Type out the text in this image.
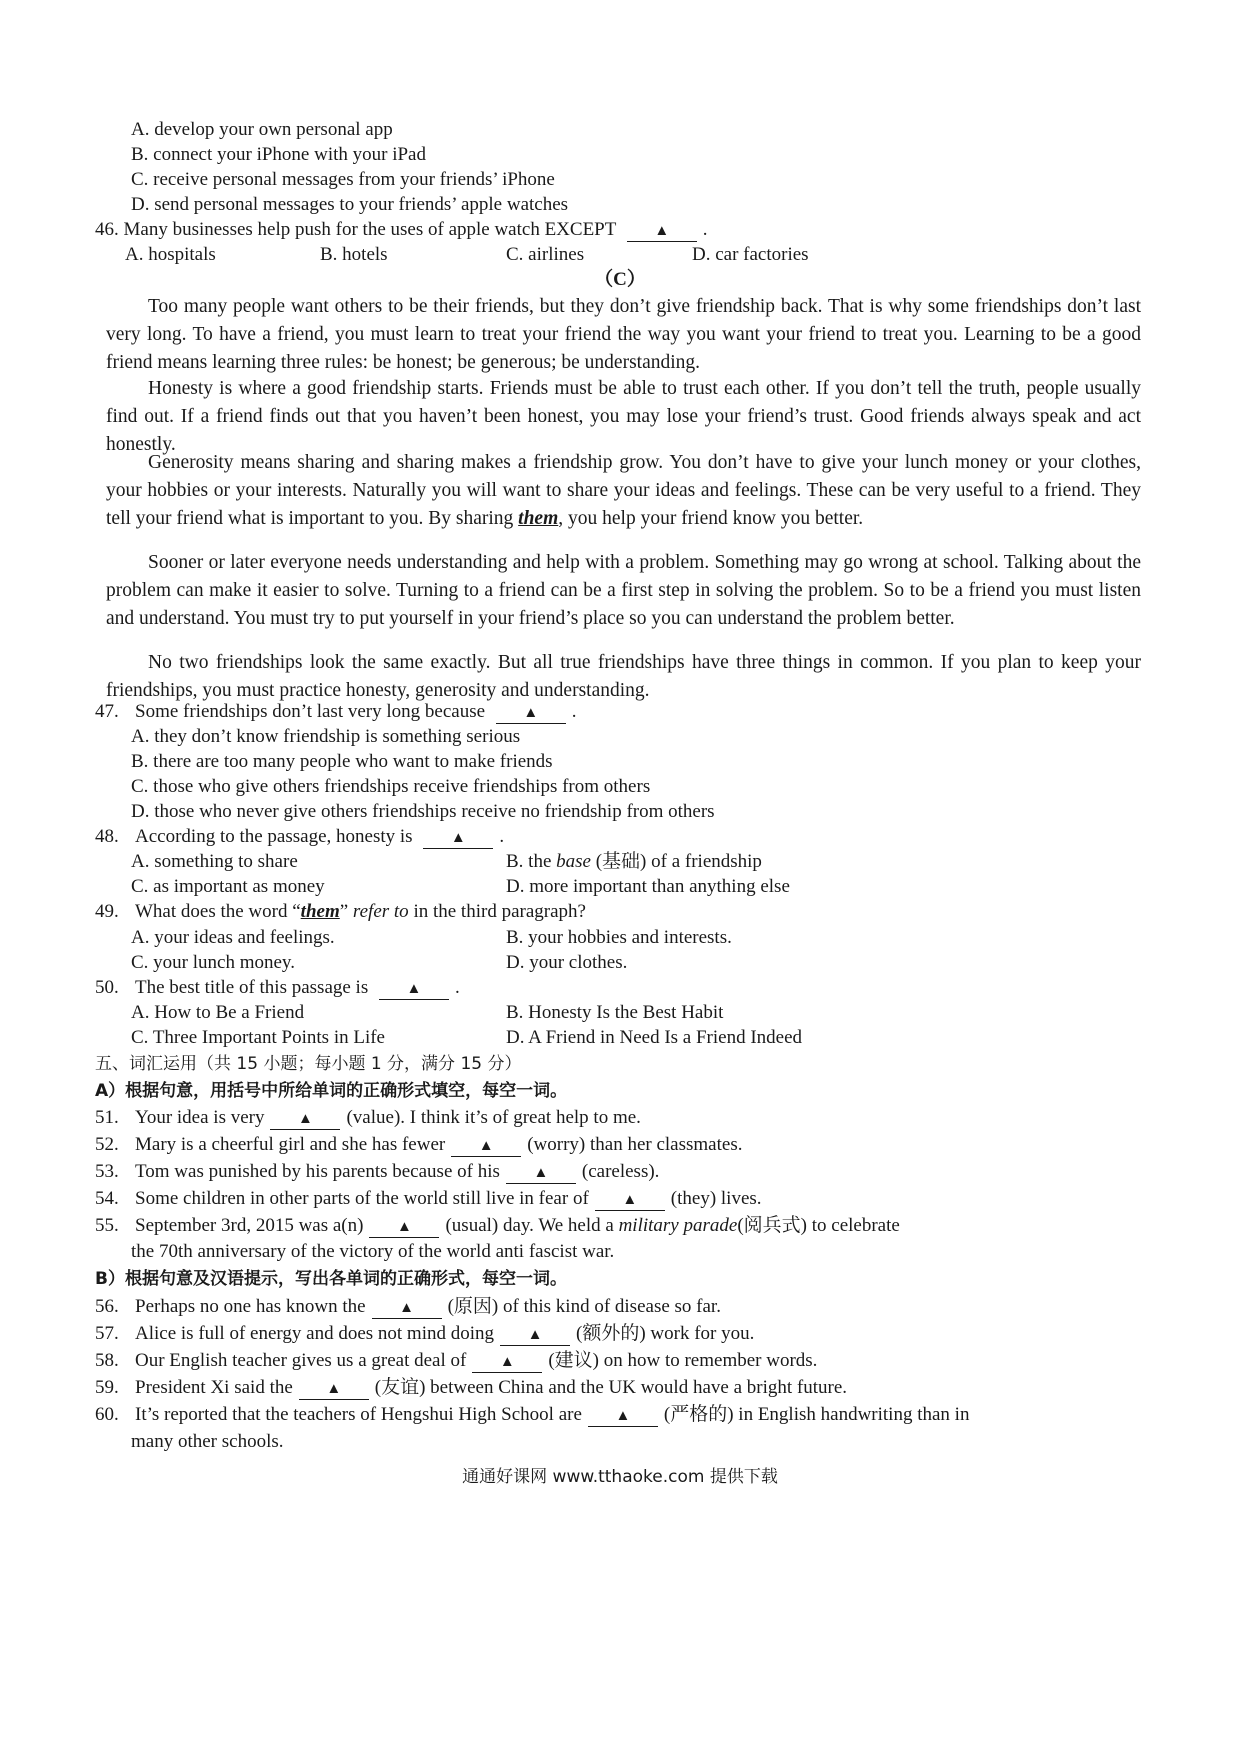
A. develop your own personal app
B. connect your iPhone with your iPad
C. receive personal messages from your friends’ iPhone
D. send personal messages to your friends’ apple watches
46. Many businesses help push for the uses of apple watch EXCEPT	▲ .
A. hospitals	B. hotels	C. airlines	D. car factories
（C）
Too many people want others to be their friends, but they don’t give friendship back. That is why some friendships don’t last very long. To have a friend, you must learn to treat your friend the way you want your friend to treat you. Learning to be a good friend means learning three rules: be honest; be generous; be understanding.
Honesty is where a good friendship starts. Friends must be able to trust each other. If you don’t tell the truth, people usually find out. If a friend finds out that you haven’t been honest, you may lose your friend’s trust. Good friends always speak and act honestly.
Generosity means sharing and sharing makes a friendship grow. You don’t have to give your lunch money or your clothes, your hobbies or your interests. Naturally you will want to share your ideas and feelings. These can be very useful to a friend. They tell your friend what is important to you. By sharing them, you help your friend know you better.
Sooner or later everyone needs understanding and help with a problem. Something may go wrong at school. Talking about the problem can make it easier to solve. Turning to a friend can be a first step in solving the problem. So to be a friend you must listen and understand. You must try to put yourself in your friend’s place so you can understand the problem better.
No two friendships look the same exactly. But all true friendships have three things in common. If you plan to keep your friendships, you must practice honesty, generosity and understanding.
47. Some friendships don’t last very long because	▲ .
A. they don’t know friendship is something serious
B. there are too many people who want to make friends
C. those who give others friendships receive friendships from others
D. those who never give others friendships receive no friendship from others
48. According to the passage, honesty is	▲ .
A. something to share	B. the base (基础) of a friendship
C. as important as money	D. more important than anything else
49. What does the word “them” refer to in the third paragraph?
A. your ideas and feelings.	B. your hobbies and interests.
C. your lunch money.	D. your clothes.
50. The best title of this passage is	▲ .
A. How to Be a Friend	B. Honesty Is the Best Habit
C. Three Important Points in Life	D. A Friend in Need Is a Friend Indeed
五、词汇运用（共 15 小题；每小题 1 分，满分 15 分）
A）根据句意，用括号中所给单词的正确形式填空，每空一词。
51. Your idea is very ▲ (value). I think it’s of great help to me.
52. Mary is a cheerful girl and she has fewer ▲ (worry) than her classmates.
53. Tom was punished by his parents because of his ▲ (careless).
54. Some children in other parts of the world still live in fear of ▲ (they) lives.
55. September 3rd, 2015 was a(n) ▲ (usual) day. We held a military parade(阅兵式) to celebrate
the 70th anniversary of the victory of the world anti fascist war.
B）根据句意及汉语提示，写出各单词的正确形式，每空一词。
56. Perhaps no one has known the ▲ (原因) of this kind of disease so far.
57. Alice is full of energy and does not mind doing ▲ (额外的) work for you.
58. Our English teacher gives us a great deal of ▲ (建议) on how to remember words.
59. President Xi said the ▲ (友谊) between China and the UK would have a bright future.
60. It’s reported that the teachers of Hengshui High School are ▲ (严格的) in English handwriting than in
many other schools.
通通好课网 www.tthaoke.com 提供下载
